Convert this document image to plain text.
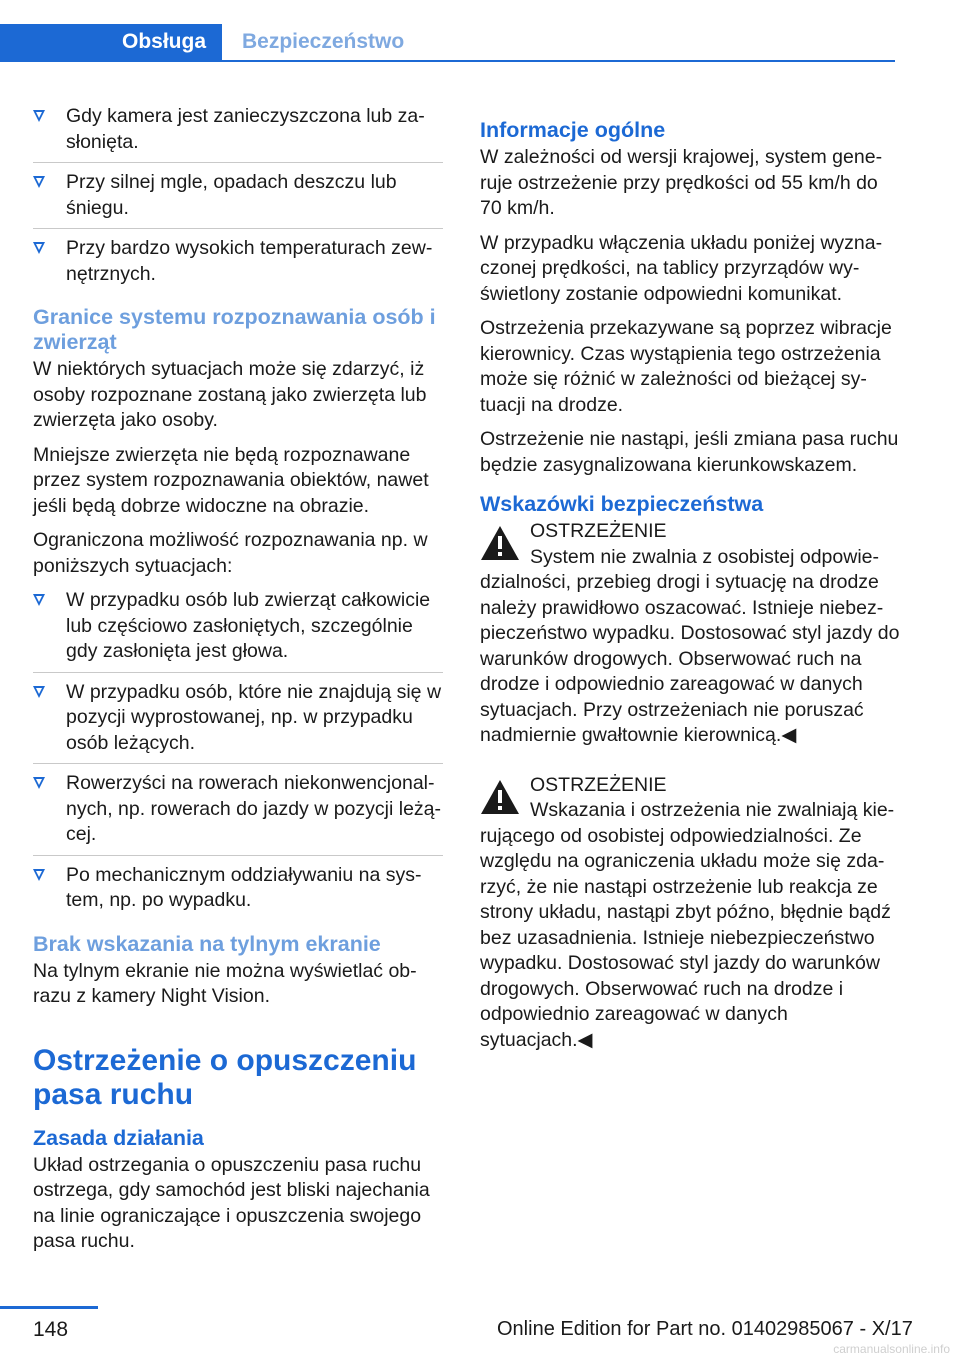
Obsługa	Bezpieczeństwo
Gdy kamera jest zanieczyszczona lub zasłonięta.
Przy silnej mgle, opadach deszczu lub śniegu.
Przy bardzo wysokich temperaturach zewnętrznych.
Granice systemu rozpoznawania osób i zwierząt

W niektórych sytuacjach może się zdarzyć, iż osoby rozpoznane zostaną jako zwierzęta lub zwierzęta jako osoby.

Mniejsze zwierzęta nie będą rozpoznawane przez system rozpoznawania obiektów, nawet jeśli będą dobrze widoczne na obrazie.

Ograniczona możliwość rozpoznawania np. w poniższych sytuacjach:

W przypadku osób lub zwierząt całkowicie lub częściowo zasłoniętych, szczególnie gdy zasłonięta jest głowa.
W przypadku osób, które nie znajdują się w pozycji wyprostowanej, np. w przypadku osób leżących.
Rowerzyści na rowerach niekonwencjonalnych, np. rowerach do jazdy w pozycji leżącej.
Po mechanicznym oddziaływaniu na system, np. po wypadku.
Brak wskazania na tylnym ekranie

Na tylnym ekranie nie można wyświetlać obrazu z kamery Night Vision.

Ostrzeżenie o opuszczeniu pasa ruchu
Zasada działania

Układ ostrzegania o opuszczeniu pasa ruchu ostrzega, gdy samochód jest bliski najechania na linie ograniczające i opuszczenia swojego pasa ruchu.

Informacje ogólne

W zależności od wersji krajowej, system generuje ostrzeżenie przy prędkości od 55 km/h do 70 km/h.

W przypadku włączenia układu poniżej wyznaczonej prędkości, na tablicy przyrządów wyświetlony zostanie odpowiedni komunikat.

Ostrzeżenia przekazywane są poprzez wibracje kierownicy. Czas wystąpienia tego ostrzeżenia może się różnić w zależności od bieżącej sytuacji na drodze.

Ostrzeżenie nie nastąpi, jeśli zmiana pasa ruchu będzie zasygnalizowana kierunkowskazem.

Wskazówki bezpieczeństwa
OSTRZEŻENIE
System nie zwalnia z osobistej odpowiedzialności, przebieg drogi i sytuację na drodze należy prawidłowo oszacować. Istnieje niebezpieczeństwo wypadku. Dostosować styl jazdy do warunków drogowych. Obserwować ruch na drodze i odpowiednio zareagować w danych sytuacjach. Przy ostrzeżeniach nie poruszać nadmiernie gwałtownie kierownicą.◀
OSTRZEŻENIE
Wskazania i ostrzeżenia nie zwalniają kierującego od osobistej odpowiedzialności. Ze względu na ograniczenia układu może się zdarzyć, że nie nastąpi ostrzeżenie lub reakcja ze strony układu, nastąpi zbyt późno, błędnie bądź bez uzasadnienia. Istnieje niebezpieczeństwo wypadku. Dostosować styl jazdy do warunków drogowych. Obserwować ruch na drodze i odpowiednio zareagować w danych sytuacjach.◀
148	Online Edition for Part no. 01402985067 - X/17
carmanualsonline.info
